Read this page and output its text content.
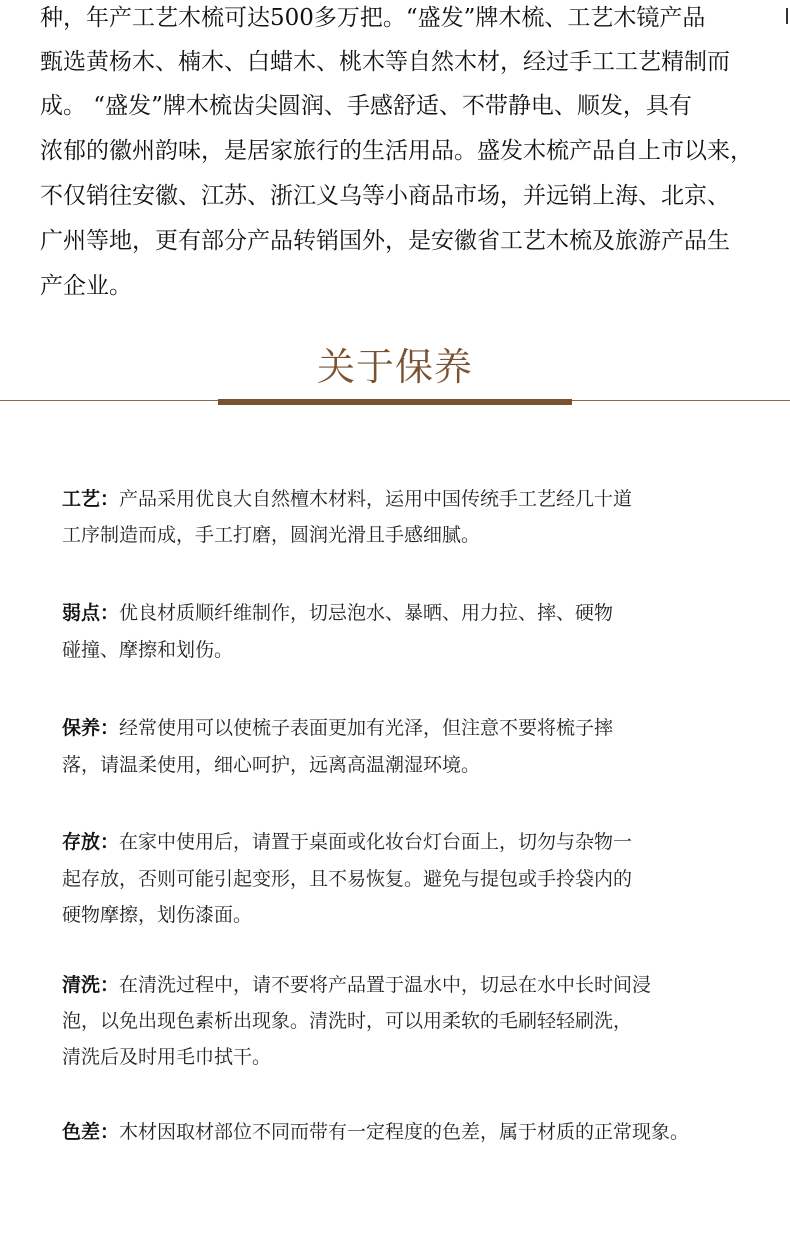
种，年产工艺木梳可达500多万把。“盛发”牌木梳、工艺木镜产品
甄选黄杨木、楠木、白蜡木、桃木等自然木材，经过手工工艺精制而
成。 “盛发”牌木梳齿尖圆润、手感舒适、不带静电、顺发，具有
浓郁的徽州韵味，是居家旅行的生活用品。盛发木梳产品自上市以来，
不仅销往安徽、江苏、浙江义乌等小商品市场，并远销上海、北京、
广州等地，更有部分产品转销国外，是安徽省工艺木梳及旅游产品生
产企业。
关于保养
工艺：产品采用优良大自然檀木材料，运用中国传统手工艺经几十道
工序制造而成，手工打磨，圆润光滑且手感细腻。
弱点：优良材质顺纤维制作，切忌泡水、暴晒、用力拉、摔、硬物
碰撞、摩擦和划伤。
保养：经常使用可以使梳子表面更加有光泽，但注意不要将梳子摔
落，请温柔使用，细心呵护，远离高温潮湿环境。
存放：在家中使用后，请置于桌面或化妆台灯台面上，切勿与杂物一
起存放，否则可能引起变形，且不易恢复。避免与提包或手拎袋内的
硬物摩擦，划伤漆面。
清洗：在清洗过程中，请不要将产品置于温水中，切忌在水中长时间浸
泡，以免出现色素析出现象。清洗时，可以用柔软的毛刷轻轻刷洗，
清洗后及时用毛巾拭干。
色差：木材因取材部位不同而带有一定程度的色差，属于材质的正常现象。
